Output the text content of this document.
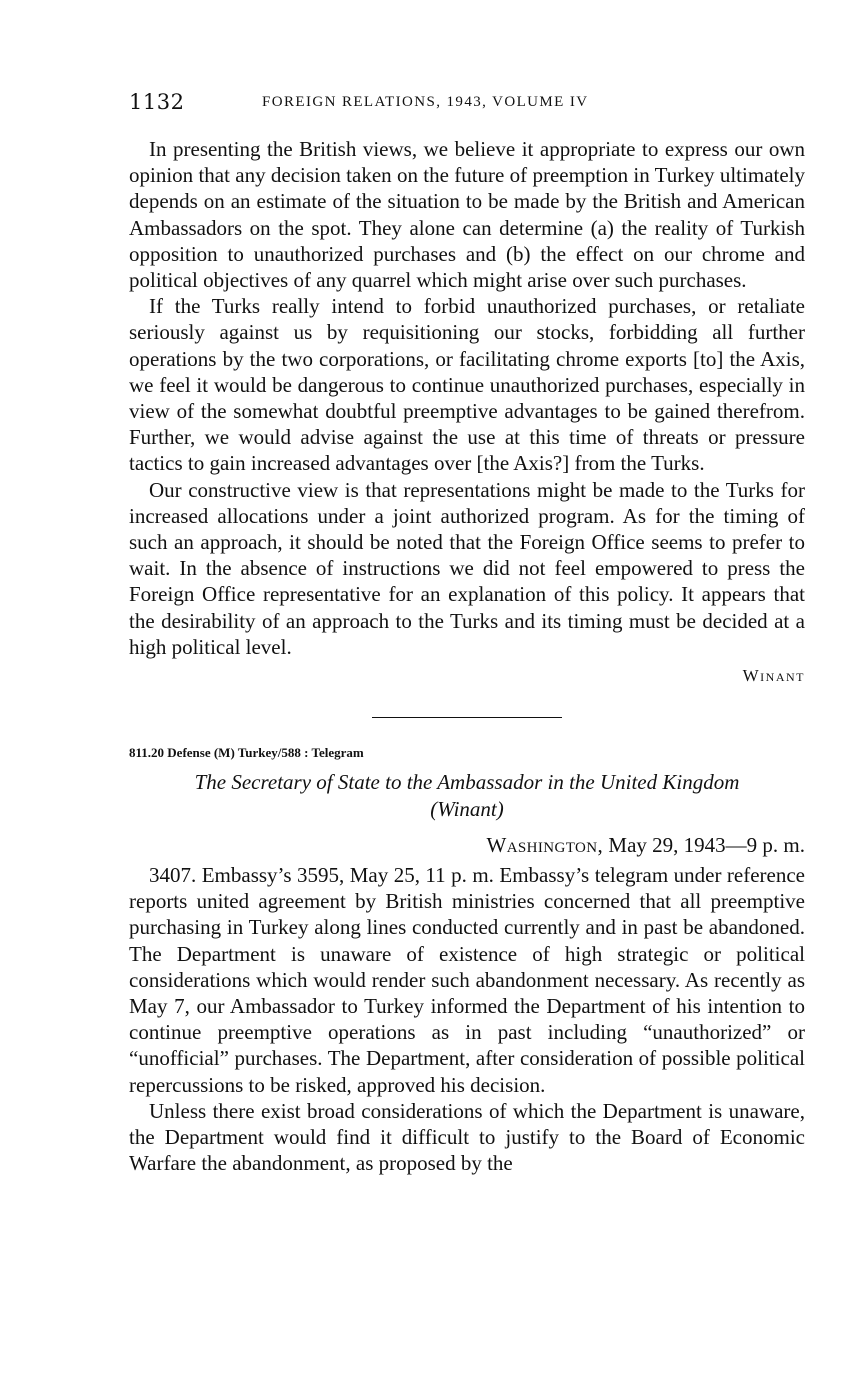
1132	FOREIGN RELATIONS, 1943, VOLUME IV

In presenting the British views, we believe it appropriate to express our own opinion that any decision taken on the future of preemption in Turkey ultimately depends on an estimate of the situation to be made by the British and American Ambassadors on the spot. They alone can determine (a) the reality of Turkish opposition to unauthorized purchases and (b) the effect on our chrome and political objectives of any quarrel which might arise over such purchases.

If the Turks really intend to forbid unauthorized purchases, or retaliate seriously against us by requisitioning our stocks, forbidding all further operations by the two corporations, or facilitating chrome exports [to] the Axis, we feel it would be dangerous to continue unauthorized purchases, especially in view of the somewhat doubtful preemptive advantages to be gained therefrom. Further, we would advise against the use at this time of threats or pressure tactics to gain increased advantages over [the Axis?] from the Turks.

Our constructive view is that representations might be made to the Turks for increased allocations under a joint authorized program. As for the timing of such an approach, it should be noted that the Foreign Office seems to prefer to wait. In the absence of instructions we did not feel empowered to press the Foreign Office representative for an explanation of this policy. It appears that the desirability of an approach to the Turks and its timing must be decided at a high political level.

Winant
811.20 Defense (M) Turkey/588 : Telegram
The Secretary of State to the Ambassador in the United Kingdom
(Winant)
Washington, May 29, 1943—9 p. m.

3407. Embassy’s 3595, May 25, 11 p. m. Embassy’s telegram under reference reports united agreement by British ministries concerned that all preemptive purchasing in Turkey along lines conducted currently and in past be abandoned. The Department is unaware of existence of high strategic or political considerations which would render such abandonment necessary. As recently as May 7, our Ambassador to Turkey informed the Department of his intention to continue preemptive operations as in past including “unauthorized” or “unofficial” purchases. The Department, after consideration of possible political repercussions to be risked, approved his decision.

Unless there exist broad considerations of which the Department is unaware, the Department would find it difficult to justify to the Board of Economic Warfare the abandonment, as proposed by the
